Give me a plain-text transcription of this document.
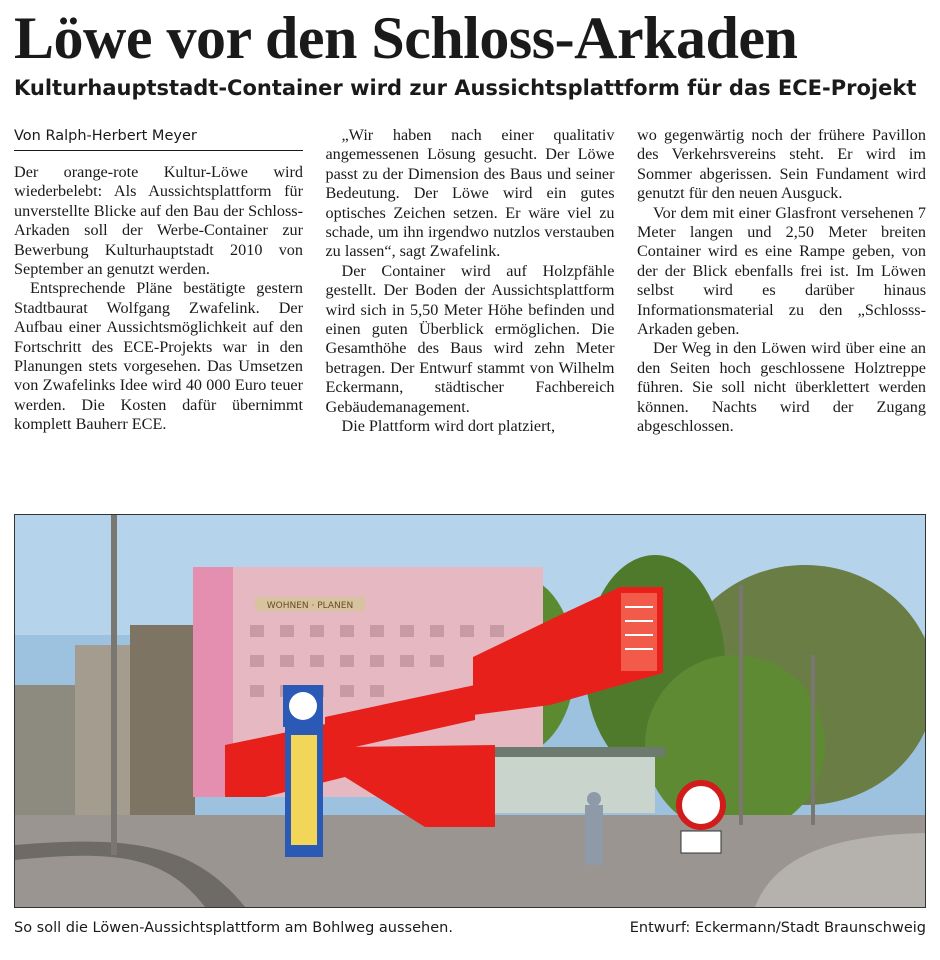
Löwe vor den Schloss-Arkaden
Kulturhauptstadt-Container wird zur Aussichtsplattform für das ECE-Projekt
Von Ralph-Herbert Meyer

Der orange-rote Kultur-Löwe wird wiederbelebt: Als Aussichtsplattform für unverstellte Blicke auf den Bau der Schloss-Arkaden soll der Werbe-Container zur Bewerbung Kulturhauptstadt 2010 von September an genutzt werden.

Entsprechende Pläne bestätigte gestern Stadtbaurat Wolfgang Zwafelink. Der Aufbau einer Aussichtsmöglichkeit auf den Fortschritt des ECE-Projekts war in den Planungen stets vorgesehen. Das Umsetzen von Zwafelinks Idee wird 40 000 Euro teuer werden. Die Kosten dafür übernimmt komplett Bauherr ECE.

„Wir haben nach einer qualitativ angemessenen Lösung gesucht. Der Löwe passt zu der Dimension des Baus und seiner Bedeutung. Der Löwe wird ein gutes optisches Zeichen setzen. Er wäre viel zu schade, um ihn irgendwo nutzlos verstauben zu lassen“, sagt Zwafelink.

Der Container wird auf Holzpfähle gestellt. Der Boden der Aussichtsplattform wird sich in 5,50 Meter Höhe befinden und einen guten Überblick ermöglichen. Die Gesamthöhe des Baus wird zehn Meter betragen. Der Entwurf stammt von Wilhelm Eckermann, städtischer Fachbereich Gebäudemanagement.

Die Plattform wird dort platziert,

wo gegenwärtig noch der frühere Pavillon des Verkehrsvereins steht. Er wird im Sommer abgerissen. Sein Fundament wird genutzt für den neuen Ausguck.

Vor dem mit einer Glasfront versehenen 7 Meter langen und 2,50 Meter breiten Container wird es eine Rampe geben, von der der Blick ebenfalls frei ist. Im Löwen selbst wird es darüber hinaus Informationsmaterial zu den „Schlosss-Arkaden geben.

Der Weg in den Löwen wird über eine an den Seiten hoch geschlossene Holztreppe führen. Sie soll nicht überklettert werden können. Nachts wird der Zugang abgeschlossen.

WOHNEN · PLANEN
So soll die Löwen-Aussichtsplattform am Bohlweg aussehen.	Entwurf: Eckermann/Stadt Braunschweig
